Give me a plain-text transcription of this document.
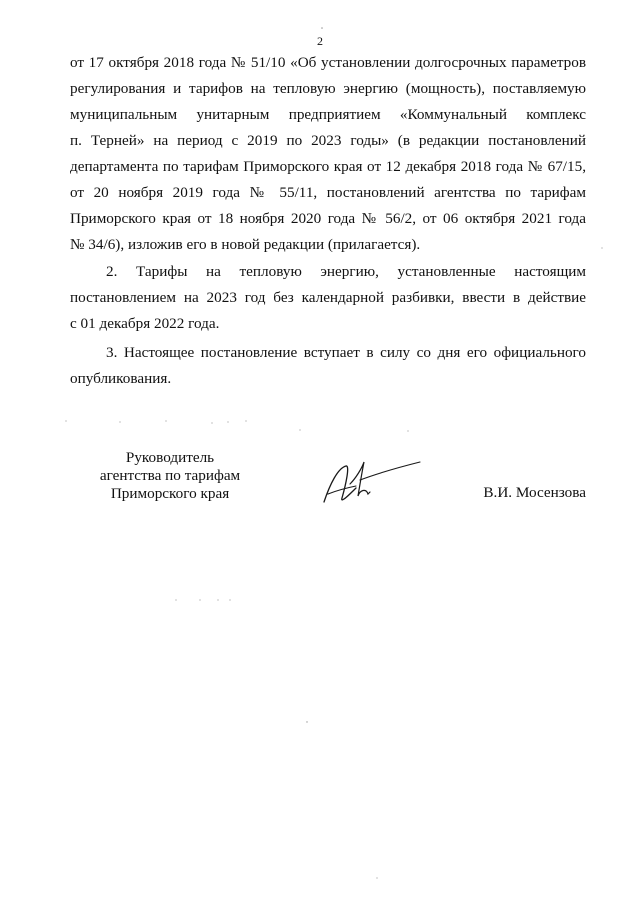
2
от 17 октября 2018 года № 51/10 «Об установлении долгосрочных параметров
регулирования и тарифов на тепловую энергию (мощность), поставляемую
муниципальным унитарным предприятием «Коммунальный комплекс
п. Терней» на период с 2019 по 2023 годы» (в редакции постановлений
департамента по тарифам Приморского края от 12 декабря 2018 года № 67/15,
от 20 ноября 2019 года № 55/11, постановлений агентства по тарифам
Приморского края от 18 ноября 2020 года № 56/2, от 06 октября 2021 года
№ 34/6), изложив его в новой редакции (прилагается).
2. Тарифы на тепловую энергию, установленные настоящим
постановлением на 2023 год без календарной разбивки, ввести в действие
с 01 декабря 2022 года.
3. Настоящее постановление вступает в силу со дня его официального
опубликования.
Руководитель
агентства по тарифам
Приморского края	В.И. Мосензова
